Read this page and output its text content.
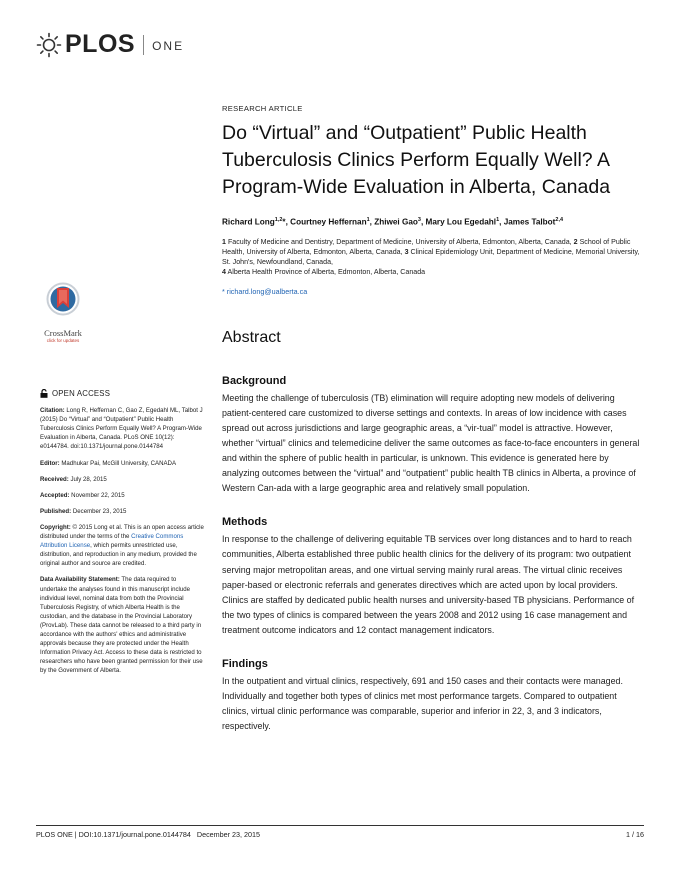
PLOS ONE
CrossMark
click for updates
RESEARCH ARTICLE
Do “Virtual” and “Outpatient” Public Health Tuberculosis Clinics Perform Equally Well? A Program-Wide Evaluation in Alberta, Canada
Richard Long$^{1,2}$*, Courtney Heffernan$^1$, Zhiwei Gao$^3$, Mary Lou Egedahl$^1$, James Talbot$^{2,4}$
1 Faculty of Medicine and Dentistry, Department of Medicine, University of Alberta, Edmonton, Alberta, Canada, 2 School of Public Health, University of Alberta, Edmonton, Alberta, Canada, 3 Clinical Epidemiology Unit, Department of Medicine, Memorial University, St. John's, Newfoundland, Canada,
4 Alberta Health Province of Alberta, Edmonton, Alberta, Canada
* richard.long@ualberta.ca
Abstract
Background
Meeting the challenge of tuberculosis (TB) elimination will require adopting new models of delivering patient-centered care customized to diverse settings and contexts. In areas of low incidence with cases spread out across jurisdictions and large geographic areas, a “vir-tual” model is attractive. However, whether “virtual” clinics and telemedicine deliver the same outcomes as face-to-face encounters in general and within the sphere of public health in particular, is unknown. This evidence is generated here by analyzing outcomes between the “virtual” and “outpatient” public health TB clinics in Alberta, a province of Western Can-ada with a large geographic area and relatively small population.
Methods
In response to the challenge of delivering equitable TB services over long distances and to hard to reach communities, Alberta established three public health clinics for the delivery of its program: two outpatient serving major metropolitan areas, and one virtual serving mainly rural areas. The virtual clinic receives paper-based or electronic referrals and generates directives which are acted upon by local providers. Clinics are staffed by dedicated public health nurses and university-based TB physicians. Performance of the two types of clinics is compared between the years 2008 and 2012 using 16 case management and treatment outcome indicators and 12 contact management indicators.
Findings
In the outpatient and virtual clinics, respectively, 691 and 150 cases and their contacts were managed. Individually and together both types of clinics met most performance targets. Compared to outpatient clinics, virtual clinic performance was comparable, superior and inferior in 22, 3, and 3 indicators, respectively.
OPEN ACCESS

Citation: Long R, Heffernan C, Gao Z, Egedahl ML, Talbot J (2015) Do “Virtual” and “Outpatient” Public Health Tuberculosis Clinics Perform Equally Well? A Program-Wide Evaluation in Alberta, Canada. PLoS ONE 10(12): e0144784. doi:10.1371/journal.pone.0144784

Editor: Madhukar Pai, McGill University, CANADA

Received: July 28, 2015

Accepted: November 22, 2015

Published: December 23, 2015

Copyright: © 2015 Long et al. This is an open access article distributed under the terms of the Creative Commons Attribution License, which permits unrestricted use, distribution, and reproduction in any medium, provided the original author and source are credited.

Data Availability Statement: The data required to undertake the analyses found in this manuscript include individual level, nominal data from both the Provincial Tuberculosis Registry, of which Alberta Health is the custodian, and the database in the Provincial Laboratory (ProvLab). These data cannot be released to a third party in accordance with the authors' ethics and administrative approvals because they are protected under the Health Information Privacy Act. Access to these data is restricted to researchers who have been granted permission for their use by the Government of Alberta.

PLOS ONE | DOI:10.1371/journal.pone.0144784   December 23, 2015	1 / 16
